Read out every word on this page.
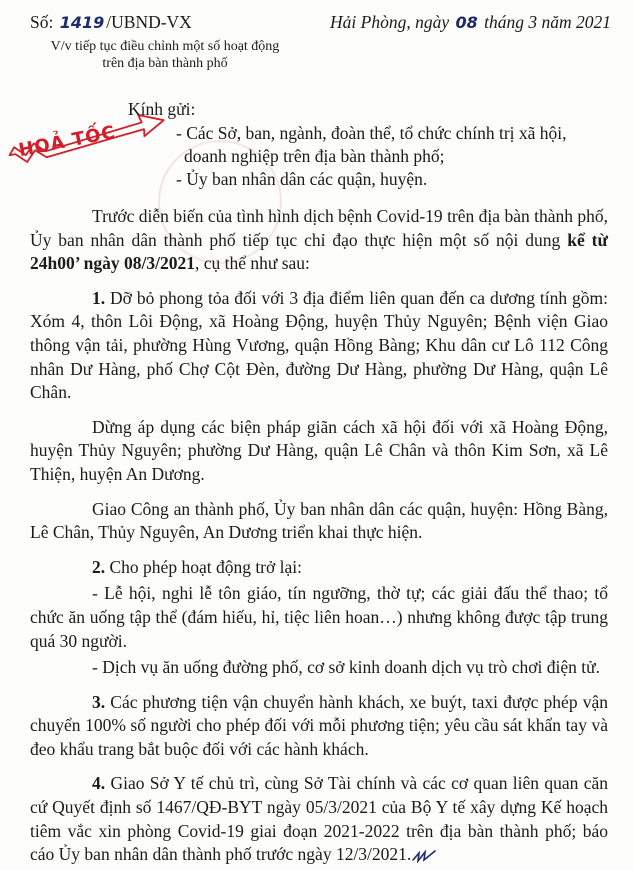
Số: 1419 /UBND-VX
V/v tiếp tục điều chỉnh một số hoạt động
trên địa bàn thành phố
Hải Phòng, ngày 08 tháng 3 năm 2021
HOẢ TỐC
Kính gửi:
- Các Sở, ban, ngành, đoàn thể, tổ chức chính trị xã hội, doanh nghiệp trên địa bàn thành phố;
- Ủy ban nhân dân các quận, huyện.

Trước diễn biến của tình hình dịch bệnh Covid-19 trên địa bàn thành phố, Ủy ban nhân dân thành phố tiếp tục chỉ đạo thực hiện một số nội dung kể từ 24h00’ ngày 08/3/2021, cụ thể như sau:

1. Dỡ bỏ phong tỏa đối với 3 địa điểm liên quan đến ca dương tính gồm: Xóm 4, thôn Lôi Động, xã Hoàng Động, huyện Thủy Nguyên; Bệnh viện Giao thông vận tải, phường Hùng Vương, quận Hồng Bàng; Khu dân cư Lô 112 Công nhân Dư Hàng, phố Chợ Cột Đèn, đường Dư Hàng, phường Dư Hàng, quận Lê Chân.

Dừng áp dụng các biện pháp giãn cách xã hội đối với xã Hoàng Động, huyện Thủy Nguyên; phường Dư Hàng, quận Lê Chân và thôn Kim Sơn, xã Lê Thiện, huyện An Dương.

Giao Công an thành phố, Ủy ban nhân dân các quận, huyện: Hồng Bàng, Lê Chân, Thủy Nguyên, An Dương triển khai thực hiện.

2. Cho phép hoạt động trở lại:

- Lễ hội, nghi lễ tôn giáo, tín ngưỡng, thờ tự; các giải đấu thể thao; tổ chức ăn uống tập thể (đám hiếu, hỉ, tiệc liên hoan…) nhưng không được tập trung quá 30 người.

- Dịch vụ ăn uống đường phố, cơ sở kinh doanh dịch vụ trò chơi điện tử.

3. Các phương tiện vận chuyển hành khách, xe buýt, taxi được phép vận chuyển 100% số người cho phép đối với mỗi phương tiện; yêu cầu sát khẩn tay và đeo khẩu trang bắt buộc đối với các hành khách.

4. Giao Sở Y tế chủ trì, cùng Sở Tài chính và các cơ quan liên quan căn cứ Quyết định số 1467/QĐ-BYT ngày 05/3/2021 của Bộ Y tế xây dựng Kế hoạch tiêm vắc xin phòng Covid-19 giai đoạn 2021-2022 trên địa bàn thành phố; báo cáo Ủy ban nhân dân thành phố trước ngày 12/3/2021.
